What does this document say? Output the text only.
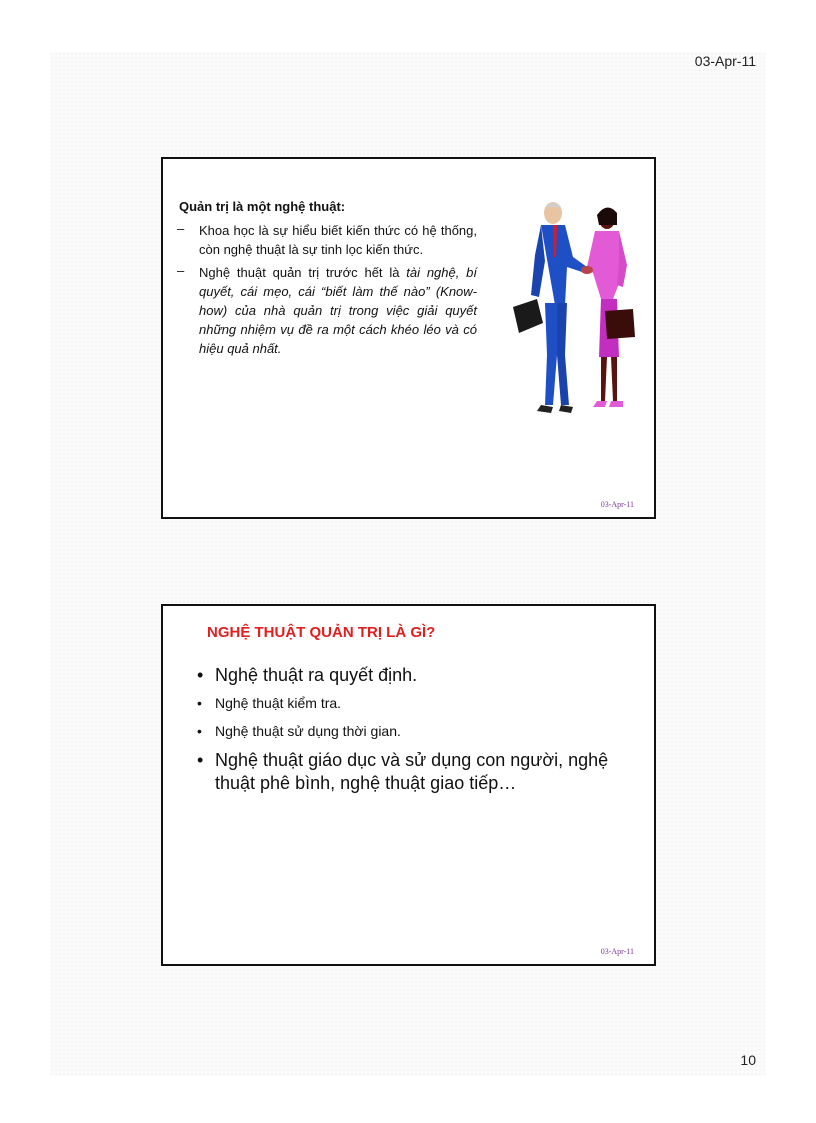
03-Apr-11
Quản trị là một nghệ thuật:
– Khoa học là sự hiểu biết kiến thức có hệ thống, còn nghệ thuật là sự tinh lọc kiến thức.
– Nghệ thuật quản trị trước hết là tài nghệ, bí quyết, cái mẹo, cái “biết làm thế nào” (Know-how) của nhà quản trị trong việc giải quyết những nhiệm vụ đề ra một cách khéo léo và có hiệu quả nhất.
03-Apr-11
NGHỆ THUẬT QUẢN TRỊ LÀ GÌ?
• Nghệ thuật ra quyết định.
• Nghệ thuật kiểm tra.
• Nghệ thuật sử dụng thời gian.
• Nghệ thuật giáo dục và sử dụng con người, nghệ thuật phê bình, nghệ thuật giao tiếp…
03-Apr-11
10
